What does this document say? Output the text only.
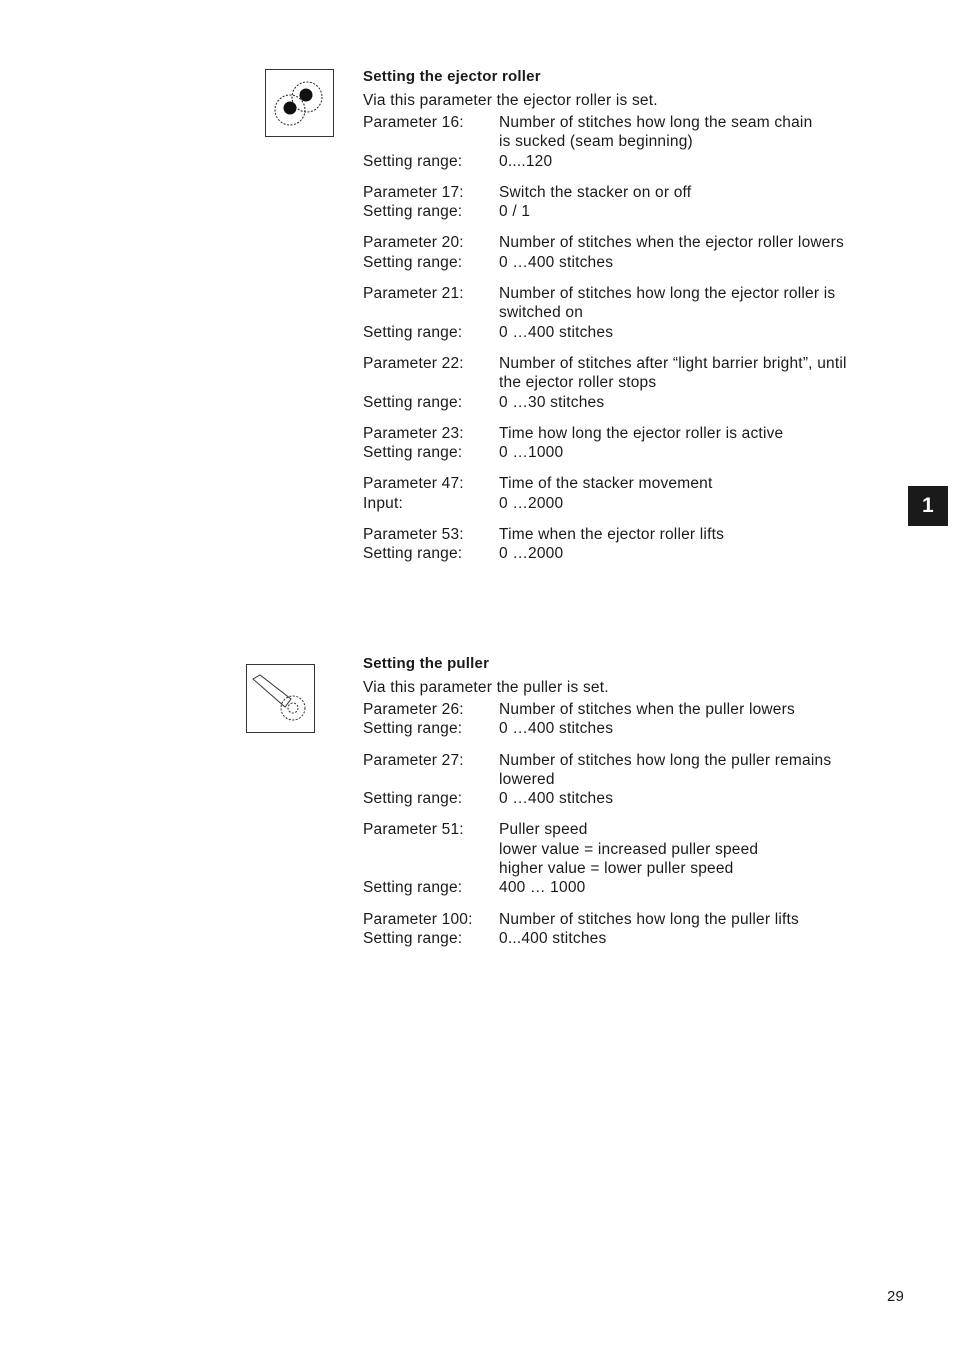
Setting the ejector roller
Via this parameter the ejector roller is set.
Parameter 16:	Number of stitches how long the seam chain
is sucked (seam beginning)
Setting range:	0....120
Parameter 17:	Switch the stacker on or off
Setting range:	0 / 1
Parameter 20:	Number of stitches when the ejector roller lowers
Setting range:	0 …400 stitches
Parameter 21:	Number of stitches how long the ejector roller is
switched on
Setting range:	0 …400 stitches
Parameter 22:	Number of stitches after “light barrier bright”, until
the ejector roller stops
Setting range:	0 …30 stitches
Parameter 23:	Time how long the ejector roller is active
Setting range:	0 …1000
Parameter 47:	Time of the stacker movement
Input:	0 …2000
Parameter 53:	Time when the ejector roller lifts
Setting range:	0 …2000
Setting the puller
Via this parameter the puller is set.
Parameter 26:	Number of stitches when the puller lowers
Setting range:	0 …400 stitches
Parameter 27:	Number of stitches how long the puller remains
lowered
Setting range:	0 …400 stitches
Parameter 51:	Puller speed
lower value = increased puller speed
higher value = lower puller speed
Setting range:	400 … 1000
Parameter 100:	Number of stitches how long the puller lifts
Setting range:	0...400 stitches
1
29
